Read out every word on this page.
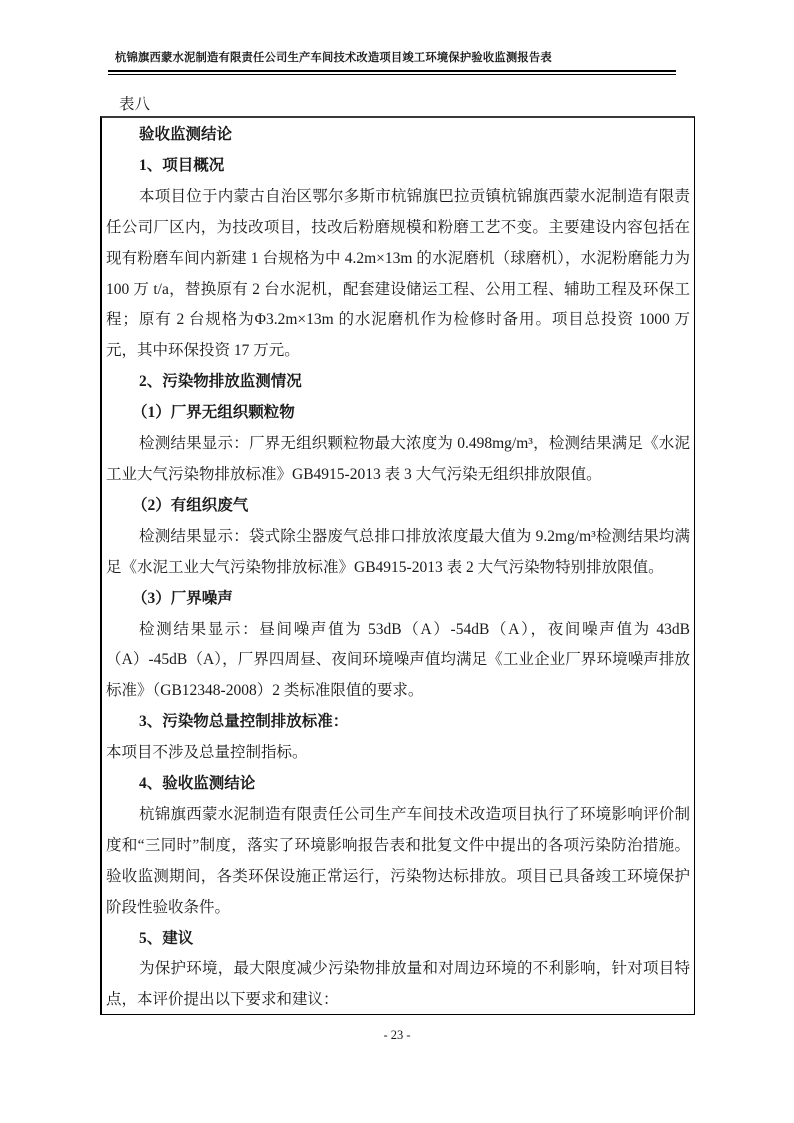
杭锦旗西蒙水泥制造有限责任公司生产车间技术改造项目竣工环境保护验收监测报告表
表八
验收监测结论
1、项目概况
本项目位于内蒙古自治区鄂尔多斯市杭锦旗巴拉贡镇杭锦旗西蒙水泥制造有限责任公司厂区内，为技改项目，技改后粉磨规模和粉磨工艺不变。主要建设内容包括在现有粉磨车间内新建 1 台规格为中 4.2m×13m 的水泥磨机（球磨机），水泥粉磨能力为 100 万 t/a，替换原有 2 台水泥机，配套建设储运工程、公用工程、辅助工程及环保工程；原有 2 台规格为Φ3.2m×13m 的水泥磨机作为检修时备用。项目总投资 1000 万元，其中环保投资 17 万元。
2、污染物排放监测情况
（1）厂界无组织颗粒物
检测结果显示：厂界无组织颗粒物最大浓度为 0.498mg/m³，检测结果满足《水泥工业大气污染物排放标准》GB4915-2013 表 3 大气污染无组织排放限值。
（2）有组织废气
检测结果显示：袋式除尘器废气总排口排放浓度最大值为 9.2mg/m³检测结果均满足《水泥工业大气污染物排放标准》GB4915-2013 表 2 大气污染物特别排放限值。
（3）厂界噪声
检测结果显示：昼间噪声值为 53dB（A）-54dB（A），夜间噪声值为 43dB（A）-45dB（A），厂界四周昼、夜间环境噪声值均满足《工业企业厂界环境噪声排放标准》（GB12348-2008）2 类标准限值的要求。
3、污染物总量控制排放标准：
本项目不涉及总量控制指标。
4、验收监测结论
杭锦旗西蒙水泥制造有限责任公司生产车间技术改造项目执行了环境影响评价制度和“三同时”制度，落实了环境影响报告表和批复文件中提出的各项污染防治措施。验收监测期间，各类环保设施正常运行，污染物达标排放。项目已具备竣工环境保护阶段性验收条件。
5、建议
为保护环境，最大限度减少污染物排放量和对周边环境的不利影响，针对项目特点，本评价提出以下要求和建议：
- 23 -
